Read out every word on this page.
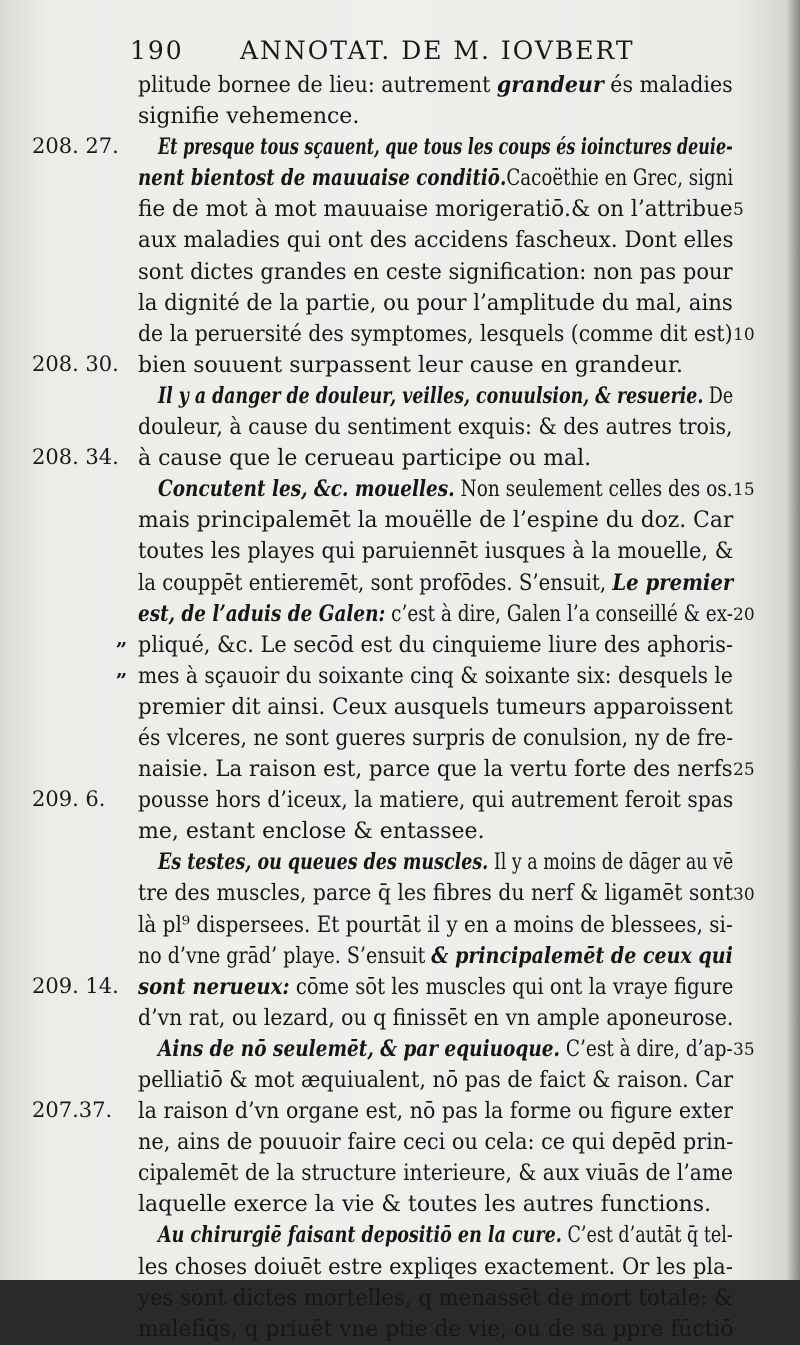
190 ANNOTAT. DE M. IOVBERT
plitude bornee de lieu: autrement grandeur és maladies
signifie vehemence.
Et presque tous sçauent, que tous les coups és ioinctures deuie-
nent bientost de mauuaise conditiō.Cacoëthie en Grec, signi
fie de mot à mot mauuaise morigeratiō.& on l’attribue
aux maladies qui ont des accidens fascheux. Dont elles
sont dictes grandes en ceste signification: non pas pour
la dignité de la partie, ou pour l’amplitude du mal, ains
de la peruersité des symptomes, lesquels (comme dit est)
bien souuent surpassent leur cause en grandeur.
Il y a danger de douleur, veilles, conuulsion, & resuerie. De
douleur, à cause du sentiment exquis: & des autres trois,
à cause que le cerueau participe ou mal.
Concutent les, &c. mouelles. Non seulement celles des os.
mais principalemēt la mouëlle de l’espine du doz. Car
toutes les playes qui paruiennēt iusques à la mouelle, &
la couppēt entieremēt, sont profōdes. S’ensuit, Le premier
est, de l’aduis de Galen: c’est à dire, Galen l’a conseillé & ex-
pliqué, &c. Le secōd est du cinquieme liure des aphoris-
mes à sçauoir du soixante cinq & soixante six: desquels le
premier dit ainsi. Ceux ausquels tumeurs apparoissent
és vlceres, ne sont gueres surpris de conulsion, ny de fre-
naisie. La raison est, parce que la vertu forte des nerfs
pousse hors d’iceux, la matiere, qui autrement feroit spas
me, estant enclose & entassee.
Es testes, ou queues des muscles. Il y a moins de dāger au vē
tre des muscles, parce q̄ les fibres du nerf & ligamēt sont
là pl⁹ dispersees. Et pourtāt il y en a moins de blessees, si-
no d’vne grād’ playe. S’ensuit & principalemēt de ceux qui
sont nerueux: cōme sōt les muscles qui ont la vraye figure
d’vn rat, ou lezard, ou q finissēt en vn ample aponeurose.
Ains de nō seulemēt, & par equiuoque. C’est à dire, d’ap-
pelliatiō & mot æquiualent, nō pas de faict & raison. Car
la raison d’vn organe est, nō pas la forme ou figure exter
ne, ains de pouuoir faire ceci ou cela: ce qui depēd prin-
cipalemēt de la structure interieure, & aux viuās de l’ame
laquelle exerce la vie & toutes les autres functions.
Au chirurgiē faisant depositiō en la cure. C’est d’autāt q̄ tel-
les choses doiuēt estre expliqes exactement. Or les pla-
yes sont dictes mortelles, q menassēt de mort totale: &
malefiq̄s, q priuēt vne ptie de vie, ou de sa ppre fūctiō
208. 27.
208. 30.
208. 34.
209. 6.
209. 14.
207.37.
5
10
15
20
25
30
35
„
„
